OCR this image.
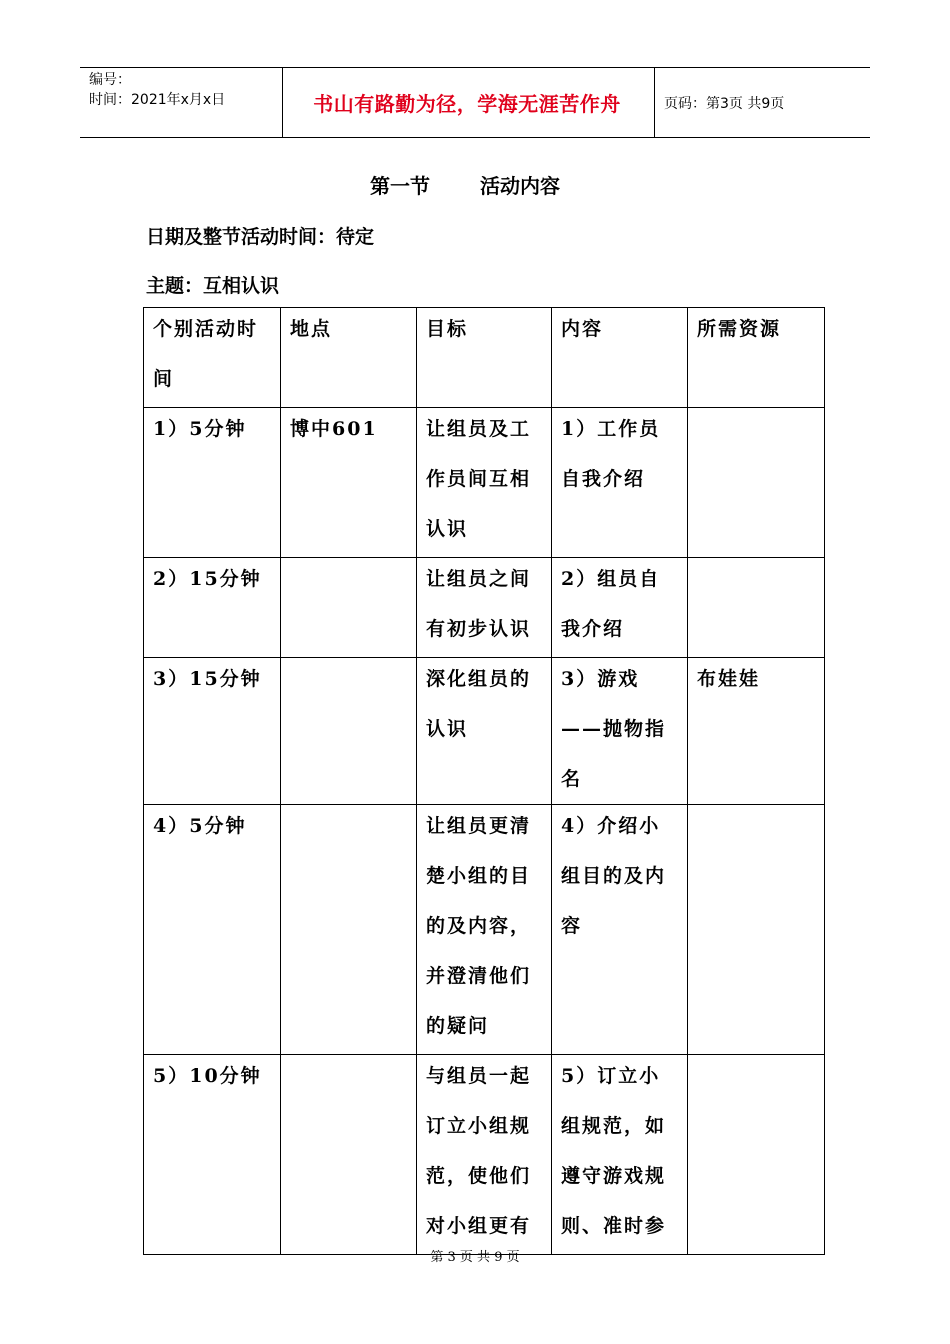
编号：
时间：2021年x月x日	书山有路勤为径，学海无涯苦作舟	页码：第3页 共9页
第一节	活动内容
日期及整节活动时间：待定
主题：互相认识
个别活动时间	地点	目标	内容	所需资源

1）5分钟	博中601	让组员及工作员间互相认识	1）工作员自我介绍	

2）15分钟		让组员之间有初步认识	2）组员自我介绍	

3）15分钟		深化组员的认识	3）游戏——抛物指名	布娃娃

4）5分钟		让组员更清楚小组的目的及内容，并澄清他们的疑问	4）介绍小组目的及内容	

5）10分钟		与组员一起订立小组规范，使他们对小组更有	5）订立小组规范，如遵守游戏规则、准时参	

第 3 页 共 9 页
